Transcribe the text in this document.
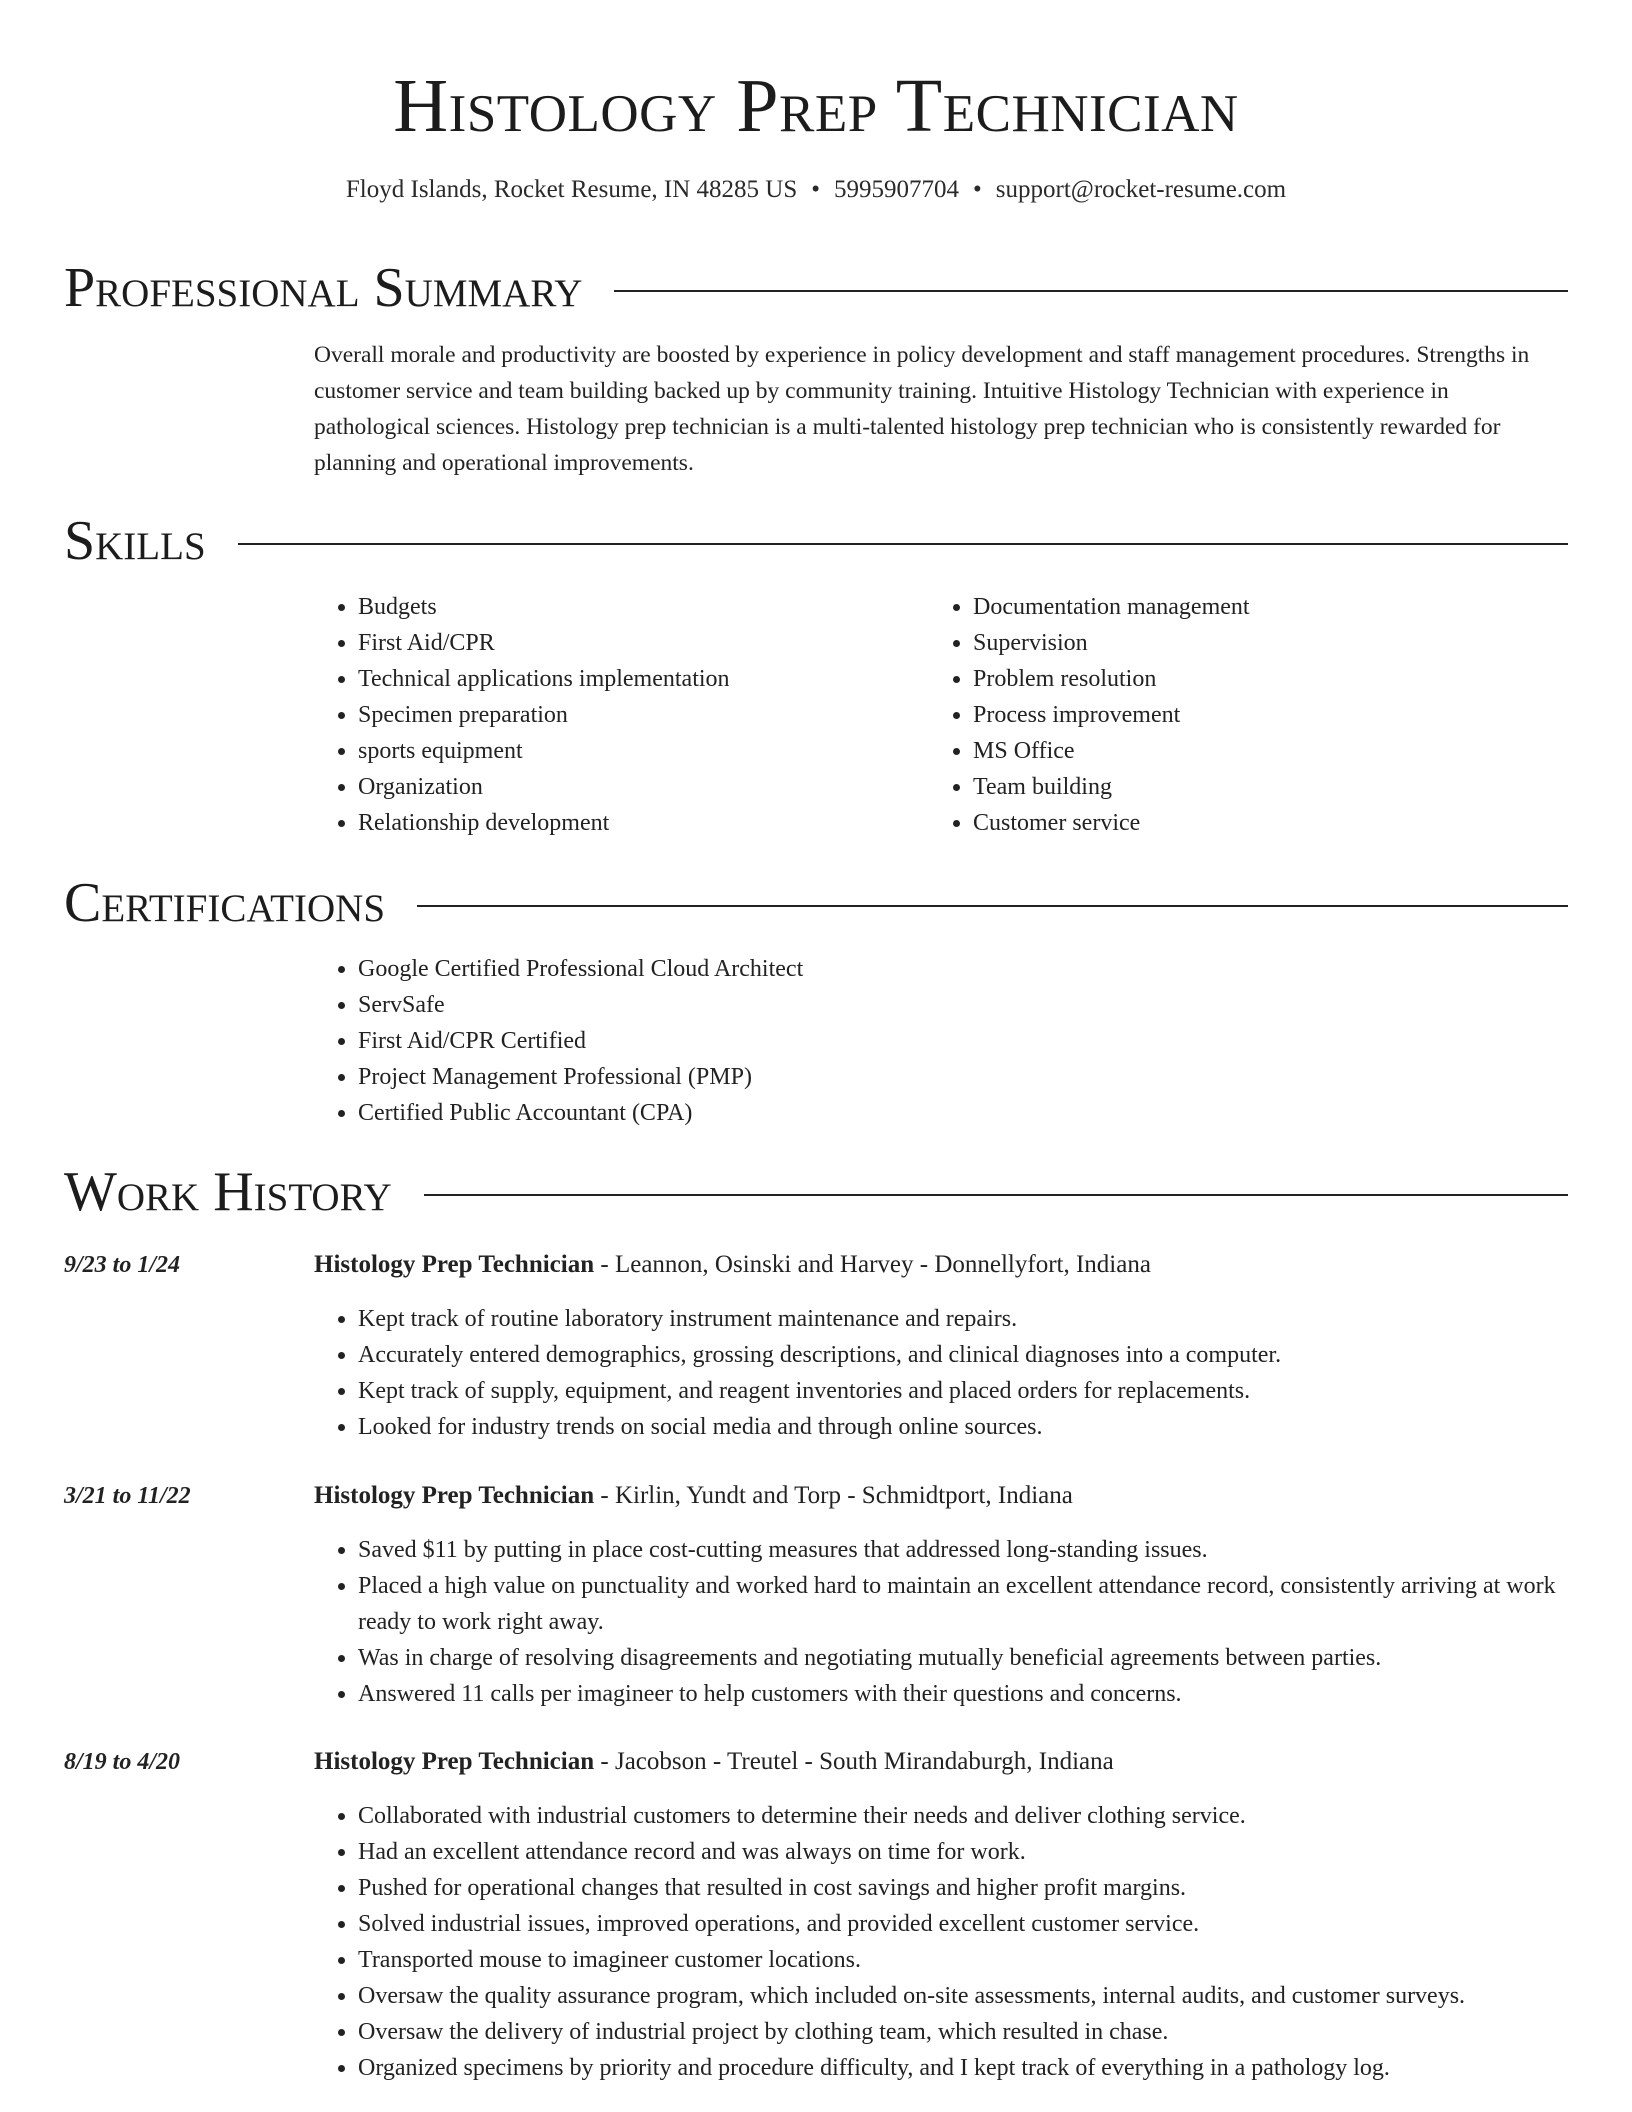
Histology Prep Technician
Floyd Islands, Rocket Resume, IN 48285 US • 5995907704 • support@rocket-resume.com
Professional Summary

Overall morale and productivity are boosted by experience in policy development and staff management procedures. Strengths in customer service and team building backed up by community training. Intuitive Histology Technician with experience in pathological sciences. Histology prep technician is a multi-talented histology prep technician who is consistently rewarded for planning and operational improvements.

Skills
• Budgets
• First Aid/CPR
• Technical applications implementation
• Specimen preparation
• sports equipment
• Organization
• Relationship development
• Documentation management
• Supervision
• Problem resolution
• Process improvement
• MS Office
• Team building
• Customer service
Certifications
• Google Certified Professional Cloud Architect
• ServSafe
• First Aid/CPR Certified
• Project Management Professional (PMP)
• Certified Public Accountant (CPA)
Work History
9/23 to 1/24	Histology Prep Technician - Leannon, Osinski and Harvey - Donnellyfort, Indiana
• Kept track of routine laboratory instrument maintenance and repairs.
• Accurately entered demographics, grossing descriptions, and clinical diagnoses into a computer.
• Kept track of supply, equipment, and reagent inventories and placed orders for replacements.
• Looked for industry trends on social media and through online sources.
3/21 to 11/22	Histology Prep Technician - Kirlin, Yundt and Torp - Schmidtport, Indiana
• Saved $11 by putting in place cost-cutting measures that addressed long-standing issues.
• Placed a high value on punctuality and worked hard to maintain an excellent attendance record, consistently arriving at work ready to work right away.
• Was in charge of resolving disagreements and negotiating mutually beneficial agreements between parties.
• Answered 11 calls per imagineer to help customers with their questions and concerns.
8/19 to 4/20	Histology Prep Technician - Jacobson - Treutel - South Mirandaburgh, Indiana
• Collaborated with industrial customers to determine their needs and deliver clothing service.
• Had an excellent attendance record and was always on time for work.
• Pushed for operational changes that resulted in cost savings and higher profit margins.
• Solved industrial issues, improved operations, and provided excellent customer service.
• Transported mouse to imagineer customer locations.
• Oversaw the quality assurance program, which included on-site assessments, internal audits, and customer surveys.
• Oversaw the delivery of industrial project by clothing team, which resulted in chase.
• Organized specimens by priority and procedure difficulty, and I kept track of everything in a pathology log.
